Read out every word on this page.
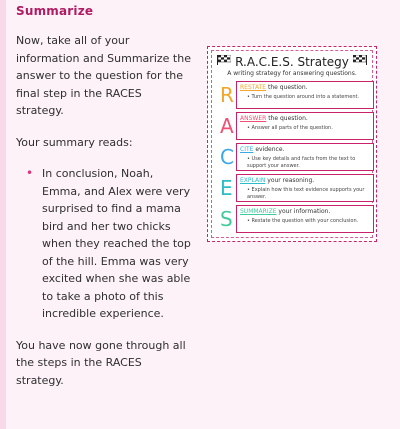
Summarize

Now, take all of your information and Summarize the answer to the question for the final step in the RACES strategy.

Your summary reads:

• In conclusion, Noah, Emma, and Alex were very surprised to find a mama bird and her two chicks when they reached the top of the hill. Emma was very excited when she was able to take a photo of this incredible experience.

You have now gone through all the steps in the RACES strategy.

R.A.C.E.S. Strategy
A writing strategy for answering questions.
R RESTATE the question.
• Turn the question around into a statement.
A ANSWER the question.
• Answer all parts of the question.
C CITE evidence.
• Use key details and facts from the text to support your answer.
E EXPLAIN your reasoning.
• Explain how this text evidence supports your answer.
S SUMMARIZE your information.
• Restate the question with your conclusion.
